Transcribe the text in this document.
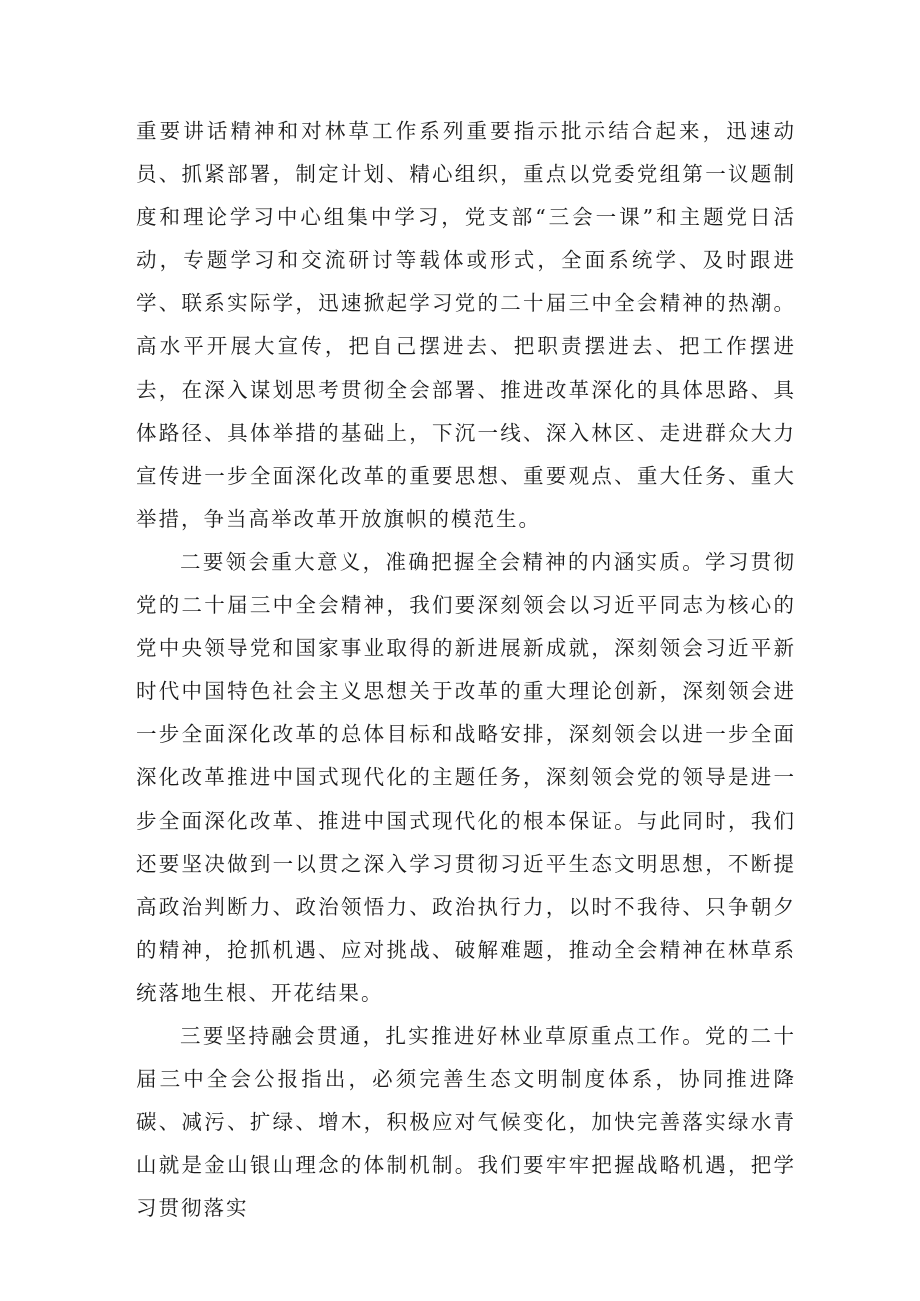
重要讲话精神和对林草工作系列重要指示批示结合起来，迅速动员、抓紧部署，制定计划、精心组织，重点以党委党组第一议题制度和理论学习中心组集中学习，党支部“三会一课”和主题党日活动，专题学习和交流研讨等载体或形式，全面系统学、及时跟进学、联系实际学，迅速掀起学习党的二十届三中全会精神的热潮。高水平开展大宣传，把自己摆进去、把职责摆进去、把工作摆进去，在深入谋划思考贯彻全会部署、推进改革深化的具体思路、具体路径、具体举措的基础上，下沉一线、深入林区、走进群众大力宣传进一步全面深化改革的重要思想、重要观点、重大任务、重大举措，争当高举改革开放旗帜的模范生。

二要领会重大意义，准确把握全会精神的内涵实质。学习贯彻党的二十届三中全会精神，我们要深刻领会以习近平同志为核心的党中央领导党和国家事业取得的新进展新成就，深刻领会习近平新时代中国特色社会主义思想关于改革的重大理论创新，深刻领会进一步全面深化改革的总体目标和战略安排，深刻领会以进一步全面深化改革推进中国式现代化的主题任务，深刻领会党的领导是进一步全面深化改革、推进中国式现代化的根本保证。与此同时，我们还要坚决做到一以贯之深入学习贯彻习近平生态文明思想，不断提高政治判断力、政治领悟力、政治执行力，以时不我待、只争朝夕的精神，抢抓机遇、应对挑战、破解难题，推动全会精神在林草系统落地生根、开花结果。

三要坚持融会贯通，扎实推进好林业草原重点工作。党的二十届三中全会公报指出，必须完善生态文明制度体系，协同推进降碳、减污、扩绿、增木，积极应对气候变化，加快完善落实绿水青山就是金山银山理念的体制机制。我们要牢牢把握战略机遇，把学习贯彻落实
